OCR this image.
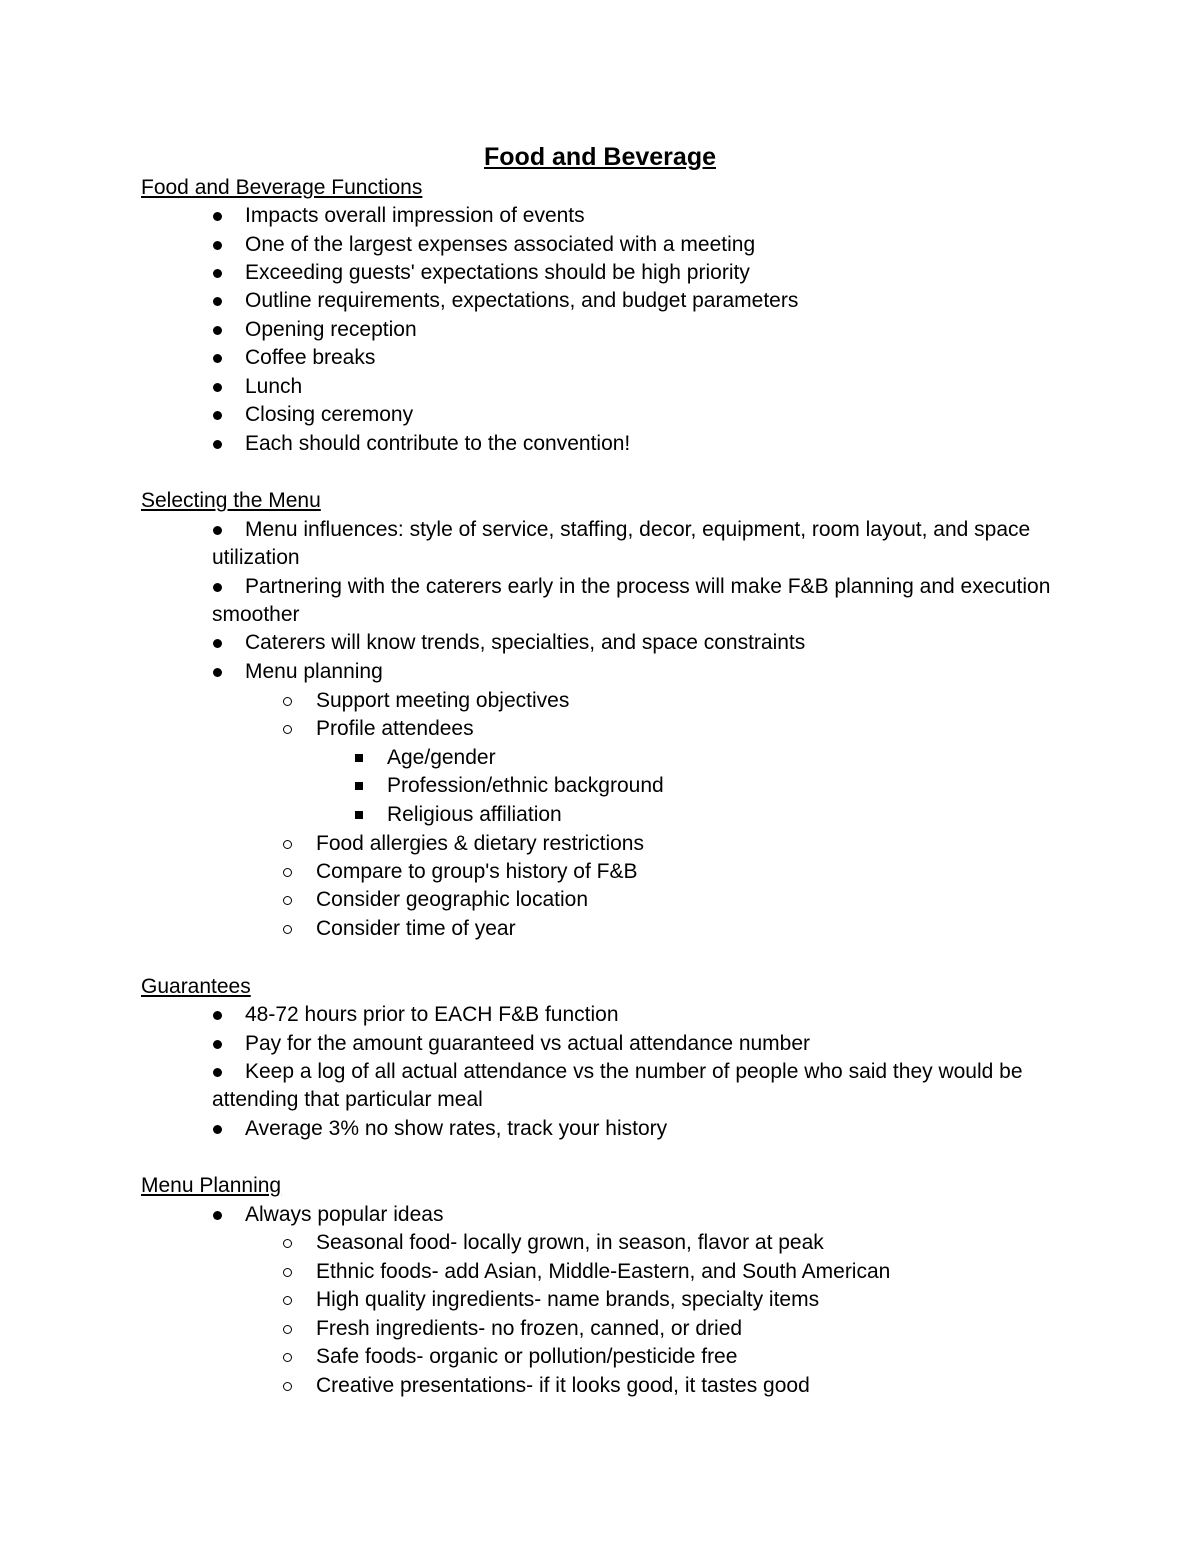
Food and Beverage
Food and Beverage Functions
Impacts overall impression of events
One of the largest expenses associated with a meeting
Exceeding guests' expectations should be high priority
Outline requirements, expectations, and budget parameters
Opening reception
Coffee breaks
Lunch
Closing ceremony
Each should contribute to the convention!
Selecting the Menu
Menu influences: style of service, staffing, decor, equipment, room layout, and space utilization
Partnering with the caterers early in the process will make F&B planning and execution smoother
Caterers will know trends, specialties, and space constraints
Menu planning
Support meeting objectives
Profile attendees
Age/gender
Profession/ethnic background
Religious affiliation
Food allergies & dietary restrictions
Compare to group's history of F&B
Consider geographic location
Consider time of year
Guarantees
48-72 hours prior to EACH F&B function
Pay for the amount guaranteed vs actual attendance number
Keep a log of all actual attendance vs the number of people who said they would be attending that particular meal
Average 3% no show rates, track your history
Menu Planning
Always popular ideas
Seasonal food- locally grown, in season, flavor at peak
Ethnic foods- add Asian, Middle-Eastern, and South American
High quality ingredients- name brands, specialty items
Fresh ingredients- no frozen, canned, or dried
Safe foods- organic or pollution/pesticide free
Creative presentations- if it looks good, it tastes good
